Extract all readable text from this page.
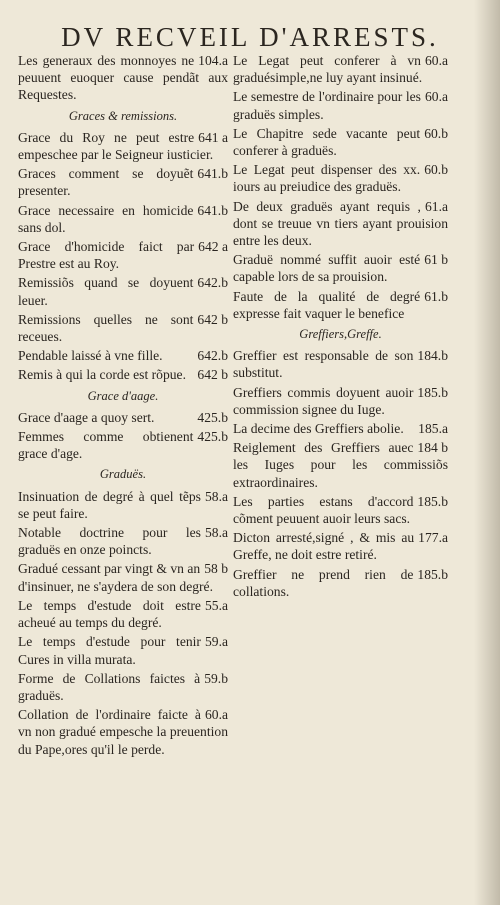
DV RECVEIL D'ARRESTS.
104.a
Les generaux des monnoyes ne peuuent euoquer cause pendãt aux Requestes.
Graces & remissions.
641 a
Grace du Roy ne peut estre empeschee par le Seigneur iusticier.
641.b
Graces comment se doyuẽt presenter.
641.b
Grace necessaire en homicide sans dol.
642 a
Grace d'homicide faict par Prestre est au Roy.
642.b
Remissiõs quand se doyuent leuer.
642 b
Remissions quelles ne sont receues.
642.b
Pendable laissé à vne fille.
642 b
Remis à qui la corde est rõpue.
Grace d'aage.
425.b
Grace d'aage a quoy sert.
425.b
Femmes comme obtienent grace d'age.
Graduës.
58.a
Insinuation de degré à quel tẽps se peut faire.
58.a
Notable doctrine pour les graduës en onze poincts.
58 b
Gradué cessant par vingt & vn an d'insinuer, ne s'aydera de son degré.
55.a
Le temps d'estude doit estre acheué au temps du degré.
59.a
Le temps d'estude pour tenir Cures in villa murata.
59.b
Forme de Collations faictes à graduës.
60.a
Collation de l'ordinaire faicte à vn non gradué empesche la preuention du Pape,ores qu'il le perde.
60.a
Le Legat peut conferer à vn graduésimple,ne luy ayant insinué.
60.a
Le semestre de l'ordinaire pour les graduës simples.
60.b
Le Chapitre sede vacante peut conferer à graduës.
60.b
Le Legat peut dispenser des xx. iours au preiudice des graduës.
61.a
De deux graduës ayant requis , dont se treuue vn tiers ayant prouision entre les deux.
61 b
Graduë nommé suffit auoir esté capable lors de sa prouision.
61.b
Faute de la qualité de degré expresse fait vaquer le benefice
Greffiers,Greffe.
184.b
Greffier est responsable de son substitut.
185.b
Greffiers commis doyuent auoir commission signee du Iuge.
185.a
La decime des Greffiers abolie.
184 b
Reiglement des Greffiers auec les Iuges pour les commissiõs extraordinaires.
185.b
Les parties estans d'accord cõment peuuent auoir leurs sacs.
177.a
Dicton arresté,signé , & mis au Greffe, ne doit estre retiré.
185.b
Greffier ne prend rien de collations.
